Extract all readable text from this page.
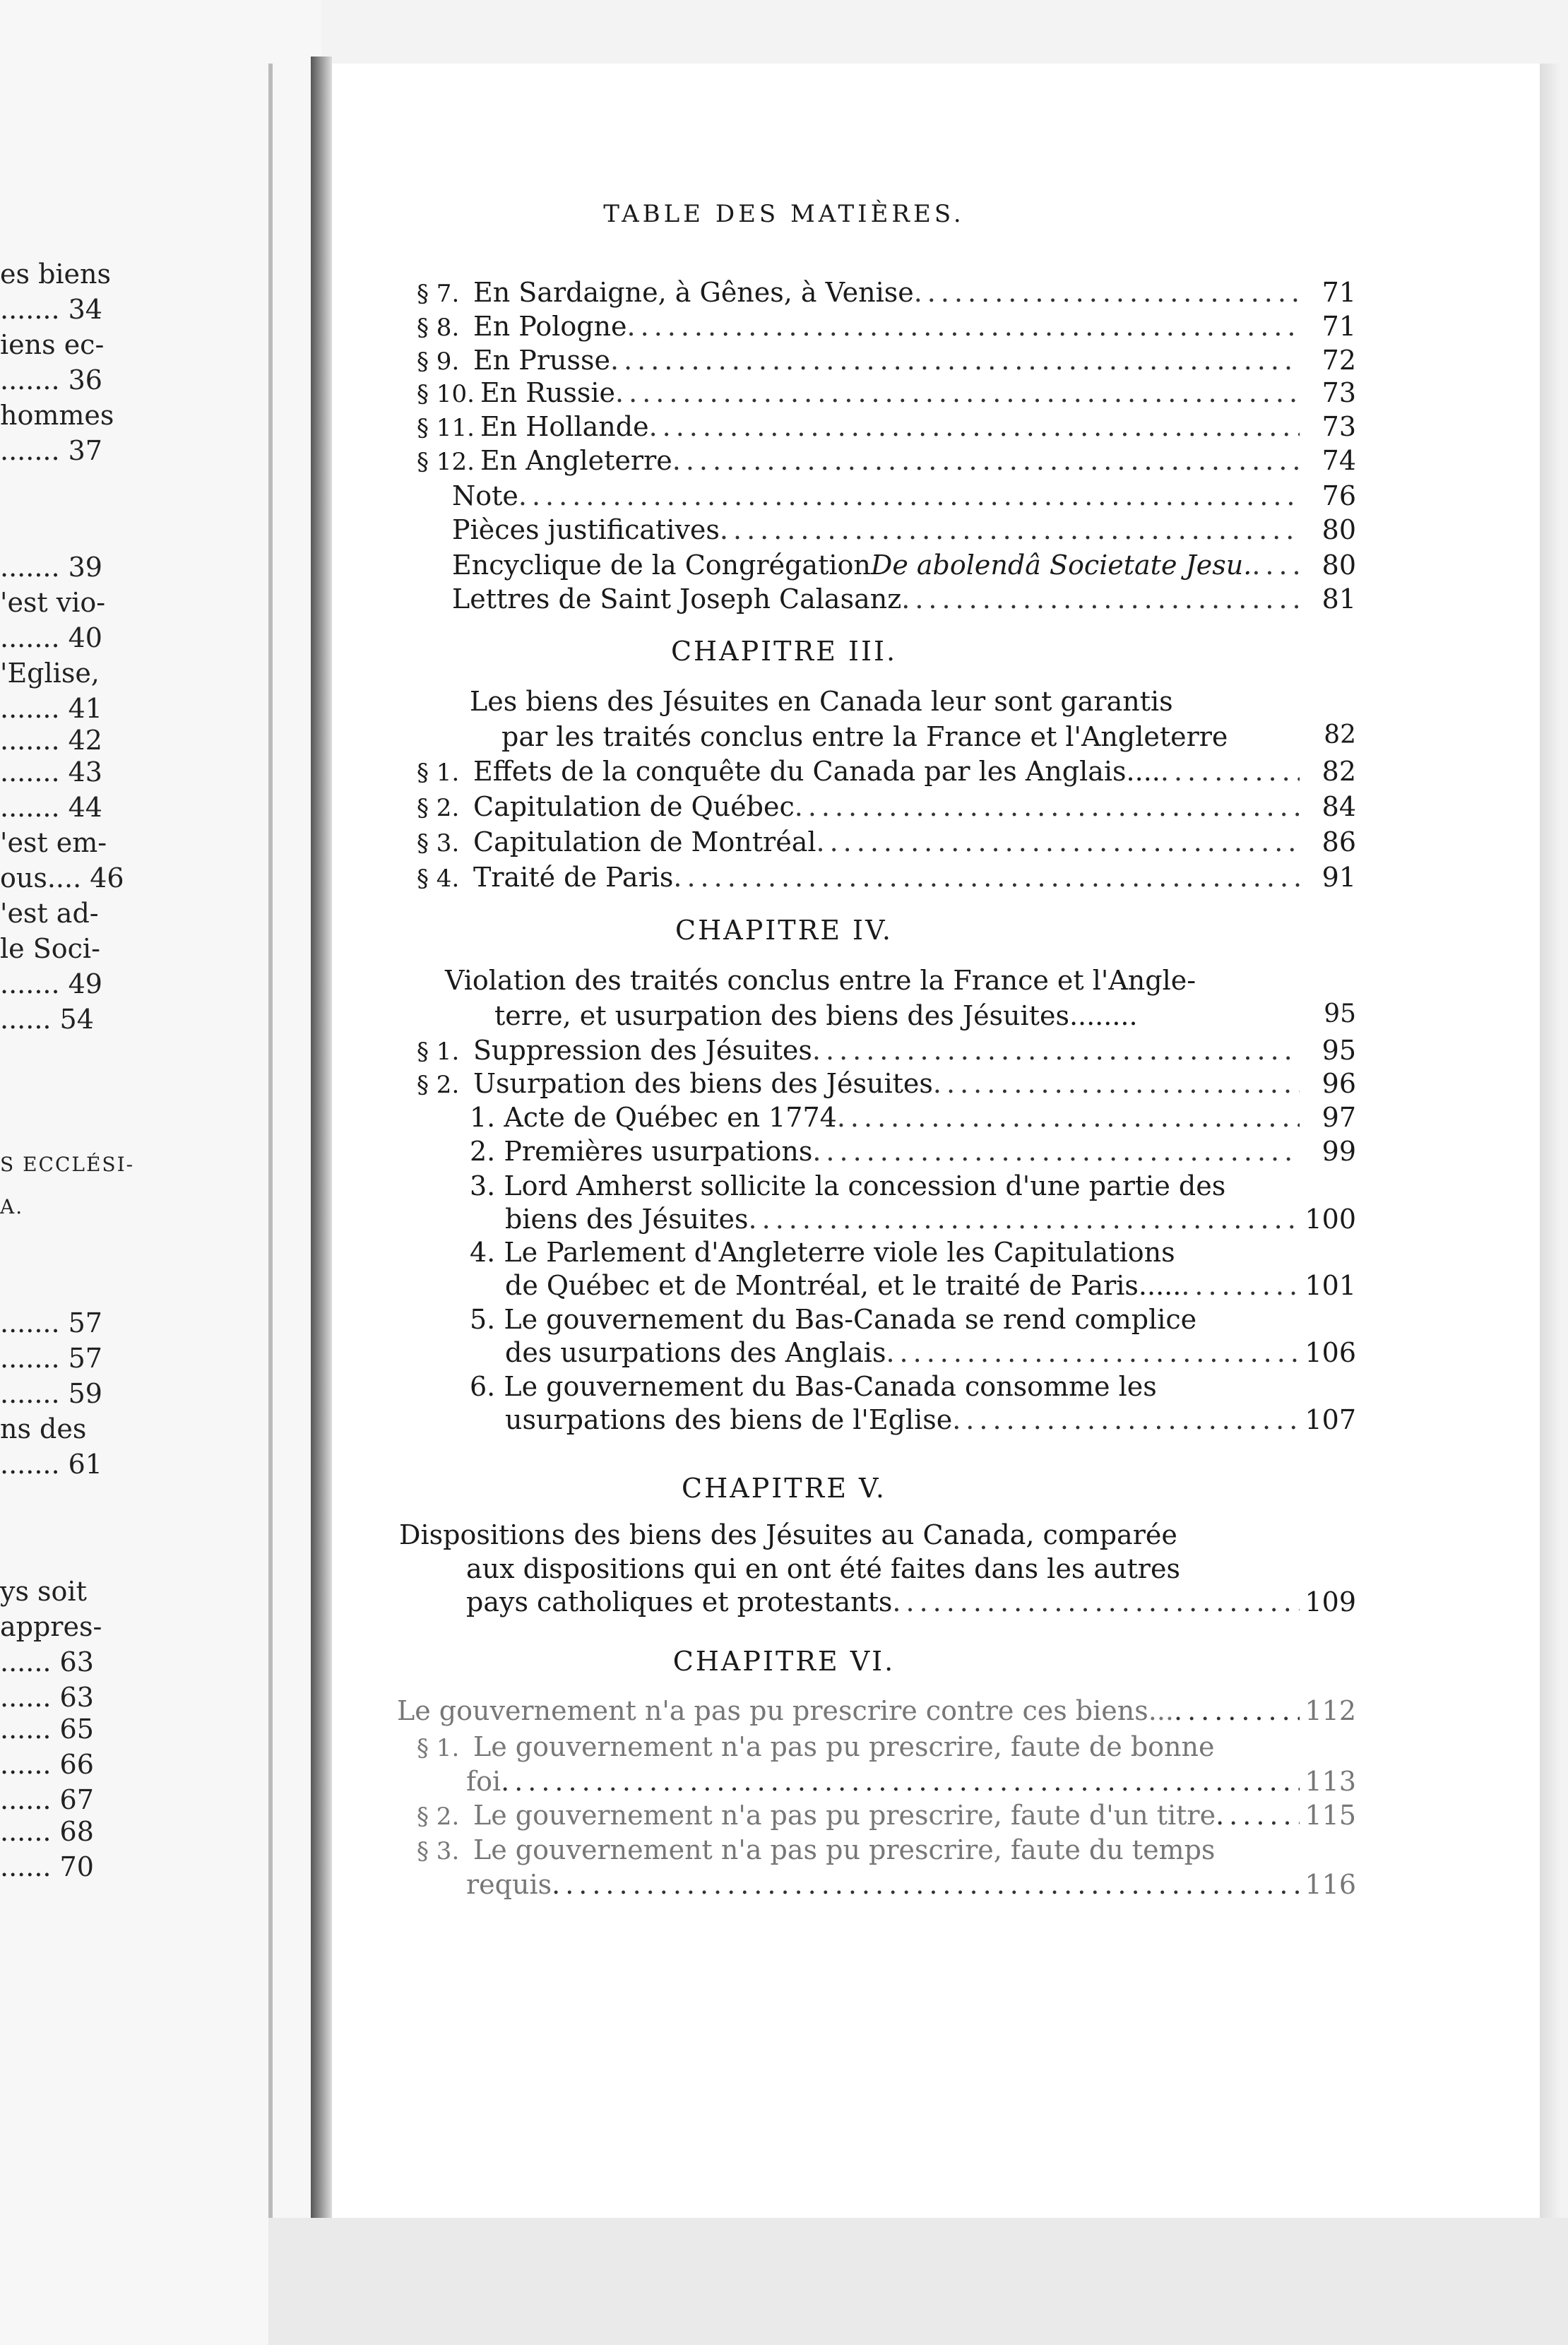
es biens
....... 34
iens ec-
....... 36
hommes
....... 37
....... 39
'est vio-
....... 40
'Eglise,
....... 41
....... 42
....... 43
....... 44
'est em-
ous.... 46
'est ad-
le Soci-
....... 49
...... 54
S ECCLÉSI-
A.
....... 57
....... 57
....... 59
ns des
....... 61
ys soit
appres-
...... 63
...... 63
...... 65
...... 66
...... 67
...... 68
...... 70
TABLE DES MATIÈRES.
§ 7. En Sardaigne, à Gênes, à Venise .....	71
§ 8. En Pologne .....	71
§ 9. En Prusse .....	72
§ 10. En Russie .....	73
§ 11. En Hollande .....	73
§ 12. En Angleterre .....	74
Note .....	76
Pièces justificatives .....	80
Encyclique de la Congrégation De abolendâ Societate Jesu. .....	80
Lettres de Saint Joseph Calasanz .....	81
CHAPITRE III.
Les biens des Jésuites en Canada leur sont garantis
par les traités conclus entre la France et l'Angleterre	82
§ 1. Effets de la conquête du Canada par les Anglais.... .....	82
§ 2. Capitulation de Québec .....	84
§ 3. Capitulation de Montréal .....	86
§ 4. Traité de Paris .....	91
CHAPITRE IV.
Violation des traités conclus entre la France et l'Angle-
terre, et usurpation des biens des Jésuites........	95
§ 1. Suppression des Jésuites .....	95
§ 2. Usurpation des biens des Jésuites .....	96
1. Acte de Québec en 1774 .....	97
2. Premières usurpations .....	99
3. Lord Amherst sollicite la concession d'une partie des
biens des Jésuites .....	100
4. Le Parlement d'Angleterre viole les Capitulations
de Québec et de Montréal, et le traité de Paris..... .....	101
5. Le gouvernement du Bas-Canada se rend complice
des usurpations des Anglais .....	106
6. Le gouvernement du Bas-Canada consomme les
usurpations des biens de l'Eglise .....	107
CHAPITRE V.
Dispositions des biens des Jésuites au Canada, comparée
aux dispositions qui en ont été faites dans les autres
pays catholiques et protestants .....	109
CHAPITRE VI.
Le gouvernement n'a pas pu prescrire contre ces biens... .....	112
§ 1. Le gouvernement n'a pas pu prescrire, faute de bonne
foi .....	113
§ 2. Le gouvernement n'a pas pu prescrire, faute d'un titre .....	115
§ 3. Le gouvernement n'a pas pu prescrire, faute du temps
requis .....	116
